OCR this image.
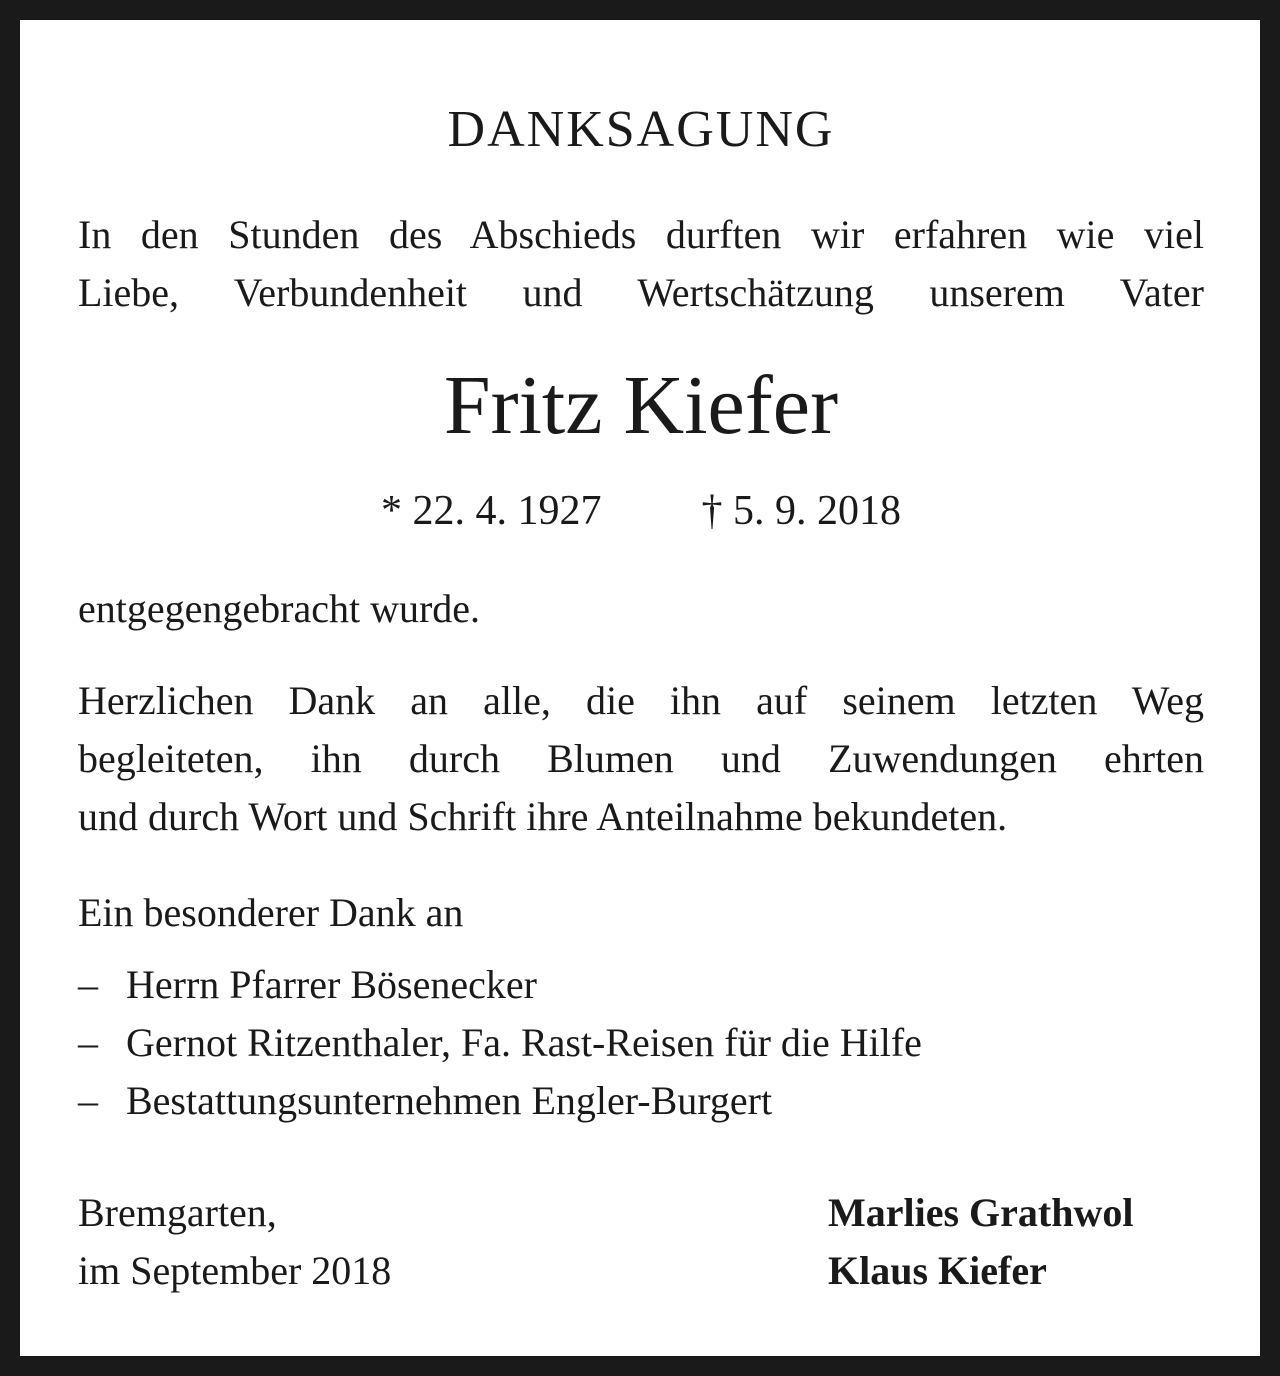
DANKSAGUNG
In den Stunden des Abschieds durften wir erfahren wie viel
Liebe, Verbundenheit und Wertschätzung unserem Vater
Fritz Kiefer
* 22. 4. 1927 † 5. 9. 2018
entgegengebracht wurde.
Herzlichen Dank an alle, die ihn auf seinem letzten Weg
begleiteten, ihn durch Blumen und Zuwendungen ehrten
und durch Wort und Schrift ihre Anteilnahme bekundeten.
Ein besonderer Dank an
– Herrn Pfarrer Bösenecker
– Gernot Ritzenthaler, Fa. Rast-Reisen für die Hilfe
– Bestattungsunternehmen Engler-Burgert
Bremgarten,
im September 2018
Marlies Grathwol
Klaus Kiefer
